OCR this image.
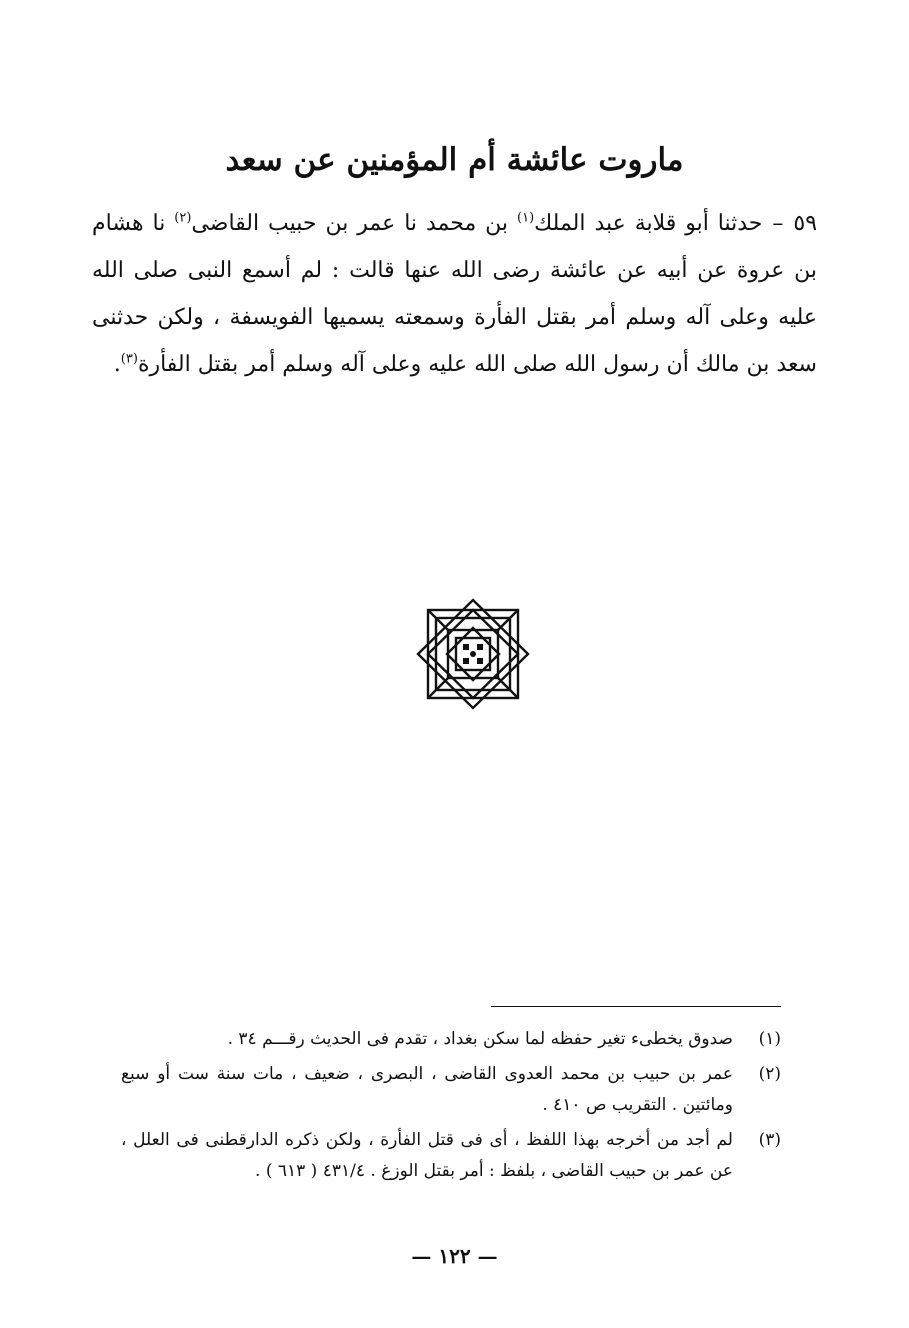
ماروت عائشة أم المؤمنين عن سعد

٥٩–حدثنا أبو قلابة عبد الملك$^{(١)}$ بن محمد نا عمر بن حبيب القاضى$^{(٢)}$ نا هشام بن عروة عن أبيه عن عائشة رضى الله عنها قالت : لم أسمع النبى صلى الله عليه وعلى آله وسلم أمر بقتل الفأرة وسمعته يسميها الفويسفة ، ولكن حدثنى سعد بن مالك أن رسول الله صلى الله عليه وعلى آله وسلم أمر بقتل الفأرة$^{(٣)}$.

(١)
صدوق يخطىء تغير حفظه لما سكن بغداد ، تقدم فى الحديث رقـــم ٣٤ .
(٢)
عمر بن حبيب بن محمد العدوى القاضى ، البصرى ، ضعيف ، مات سنة ست أو سبع ومائتين . التقريب ص ٤١٠ .
(٣)
لم أجد من أخرجه بهذا اللفظ ، أى فى قتل الفأرة ، ولكن ذكره الدارقطنى فى العلل ، عن عمر بن حبيب القاضى ، بلفظ : أمر بقتل الوزغ . ٤٣١/٤ ( ٦١٣ ) .
— ١٢٢ —
